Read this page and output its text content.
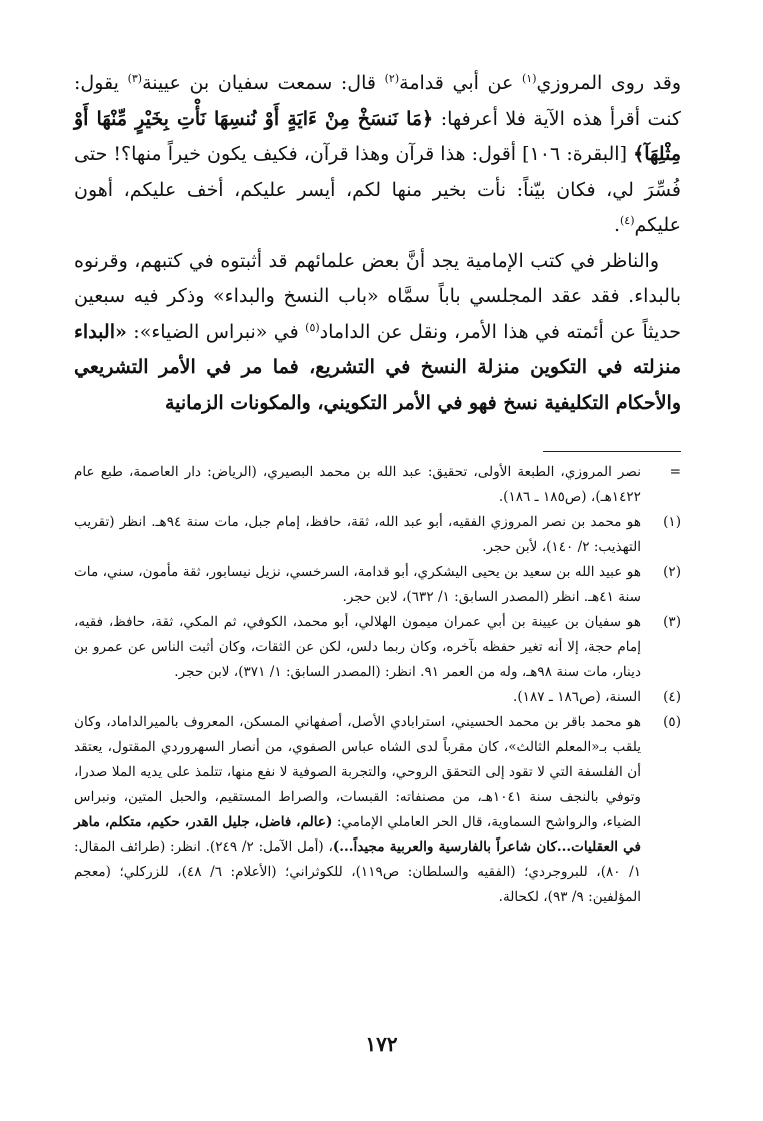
وقد روى المروزي$^{(١)}$ عن أبي قدامة$^{(٢)}$ قال: سمعت سفيان بن عيينة$^{(٣)}$ يقول: كنت أقرأ هذه الآية فلا أعرفها: ﴿مَا نَنسَخْ مِنْ ءَايَةٍ أَوْ نُنسِهَا نَأْتِ بِخَيْرٍ مِّنْهَا أَوْ مِثْلِهَآ﴾ [البقرة: ١٠٦] أقول: هذا قرآن وهذا قرآن، فكيف يكون خيراً منها؟! حتى فُسِّرَ لي، فكان بيّناً: نأت بخير منها لكم، أيسر عليكم، أخف عليكم، أهون عليكم$^{(٤)}$.

والناظر في كتب الإمامية يجد أنَّ بعض علمائهم قد أثبتوه في كتبهم، وقرنوه بالبداء. فقد عقد المجلسي باباً سمَّاه «باب النسخ والبداء» وذكر فيه سبعين حديثاً عن أئمته في هذا الأمر، ونقل عن الداماد$^{(٥)}$ في «نبراس الضياء»: «البداء منزلته في التكوين منزلة النسخ في التشريع، فما مر في الأمر التشريعي والأحكام التكليفية نسخ فهو في الأمر التكويني، والمكونات الزمانية

=
نصر المروزي، الطبعة الأولى، تحقيق: عبد الله بن محمد البصيري، (الرياض: دار العاصمة، طبع عام ١٤٢٢هـ)، (ص١٨٥ ـ ١٨٦).
(١)
هو محمد بن نصر المروزي الفقيه، أبو عبد الله، ثقة، حافظ، إمام جبل، مات سنة ٩٤هـ. انظر (تقريب التهذيب: ٢/ ١٤٠)، لأبن حجر.
(٢)
هو عبيد الله بن سعيد بن يحيى اليشكري، أبو قدامة، السرخسي، نزيل نيسابور، ثقة مأمون، سني، مات سنة ٤١هـ. انظر (المصدر السابق: ١/ ٦٣٢)، لابن حجر.
(٣)
هو سفيان بن عيينة بن أبي عمران ميمون الهلالي، أبو محمد، الكوفي، ثم المكي، ثقة، حافظ، فقيه، إمام حجة، إلا أنه تغير حفظه بآخره، وكان ربما دلس، لكن عن الثقات، وكان أثبت الناس عن عمرو بن دينار، مات سنة ٩٨هـ، وله من العمر ٩١. انظر: (المصدر السابق: ١/ ٣٧١)، لابن حجر.
(٤)
السنة، (ص١٨٦ ـ ١٨٧).
(٥)
هو محمد باقر بن محمد الحسيني، استرابادي الأصل، أصفهاني المسكن، المعروف بالميرالداماد، وكان يلقب بـ«المعلم الثالث»، كان مقرباً لدى الشاه عباس الصفوي، من أنصار السهروردي المقتول، يعتقد أن الفلسفة التي لا تقود إلى التحقق الروحي، والتجربة الصوفية لا نفع منها، تتلمذ على يديه الملا صدرا، وتوفي بالنجف سنة ١٠٤١هـ، من مصنفاته: القبسات، والصراط المستقيم، والحبل المتين، ونبراس الضياء، والرواشح السماوية، قال الحر العاملي الإمامي: (عالم، فاضل، جليل القدر، حكيم، متكلم، ماهر في العقليات...كان شاعراً بالفارسية والعربية مجيداً...)، (أمل الآمل: ٢/ ٢٤٩). انظر: (طرائف المقال: ١/ ٨٠)، للبروجردي؛ (الفقيه والسلطان: ص١١٩)، للكوثراني؛ (الأعلام: ٦/ ٤٨)، للزركلي؛ (معجم المؤلفين: ٩/ ٩٣)، لكحالة.
١٧٢
